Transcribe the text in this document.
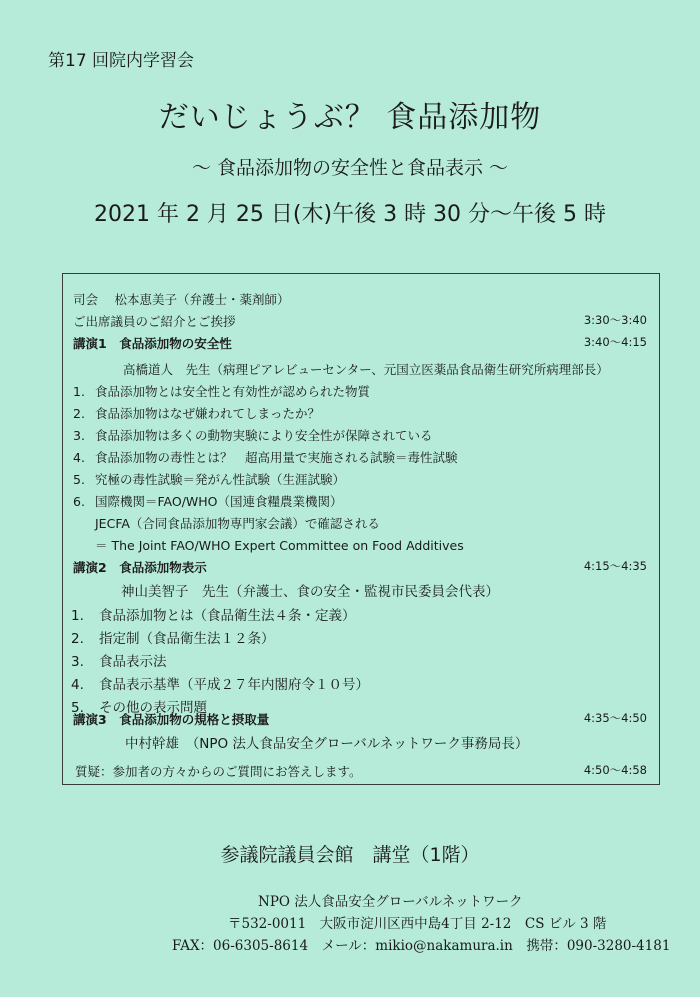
第17 回院内学習会
だいじょうぶ？ 食品添加物
～ 食品添加物の安全性と食品表示 ～
2021 年 2 月 25 日(木)午後 3 時 30 分～午後 5 時
司会　 松本恵美子（弁護士・薬剤師）
ご出席議員のご紹介とご挨拶	3:30～3:40
講演1　食品添加物の安全性	3:40～4:15
高橋道人　先生（病理ピアレビューセンター、元国立医薬品食品衛生研究所病理部長）
1. 食品添加物とは安全性と有効性が認められた物質
2. 食品添加物はなぜ嫌われてしまったか？
3. 食品添加物は多くの動物実験により安全性が保障されている
4. 食品添加物の毒性とは？　超高用量で実施される試験＝毒性試験
5. 究極の毒性試験＝発がん性試験（生涯試験）
6. 国際機関＝FAO/WHO（国連食糧農業機関）
JECFA（合同食品添加物専門家会議）で確認される
＝ The Joint FAO/WHO Expert Committee on Food Additives
講演2　食品添加物表示	4:15～4:35
神山美智子　先生（弁護士、食の安全・監視市民委員会代表）
1. 食品添加物とは（食品衛生法４条・定義）
2. 指定制（食品衛生法１２条）
3. 食品表示法
4. 食品表示基準（平成２７年内閣府令１０号）
5. その他の表示問題
講演3　食品添加物の規格と摂取量	4:35～4:50
中村幹雄　（NPO 法人食品安全グローバルネットワーク事務局長）
質疑：参加者の方々からのご質問にお答えします。	4:50～4:58
参議院議員会館　講堂（1階）
NPO 法人食品安全グローバルネットワーク
〒532-0011　大阪市淀川区西中島4丁目 2-12　CS ビル 3 階
FAX：06-6305-8614　メール：mikio@nakamura.in　携帯：090-3280-4181
